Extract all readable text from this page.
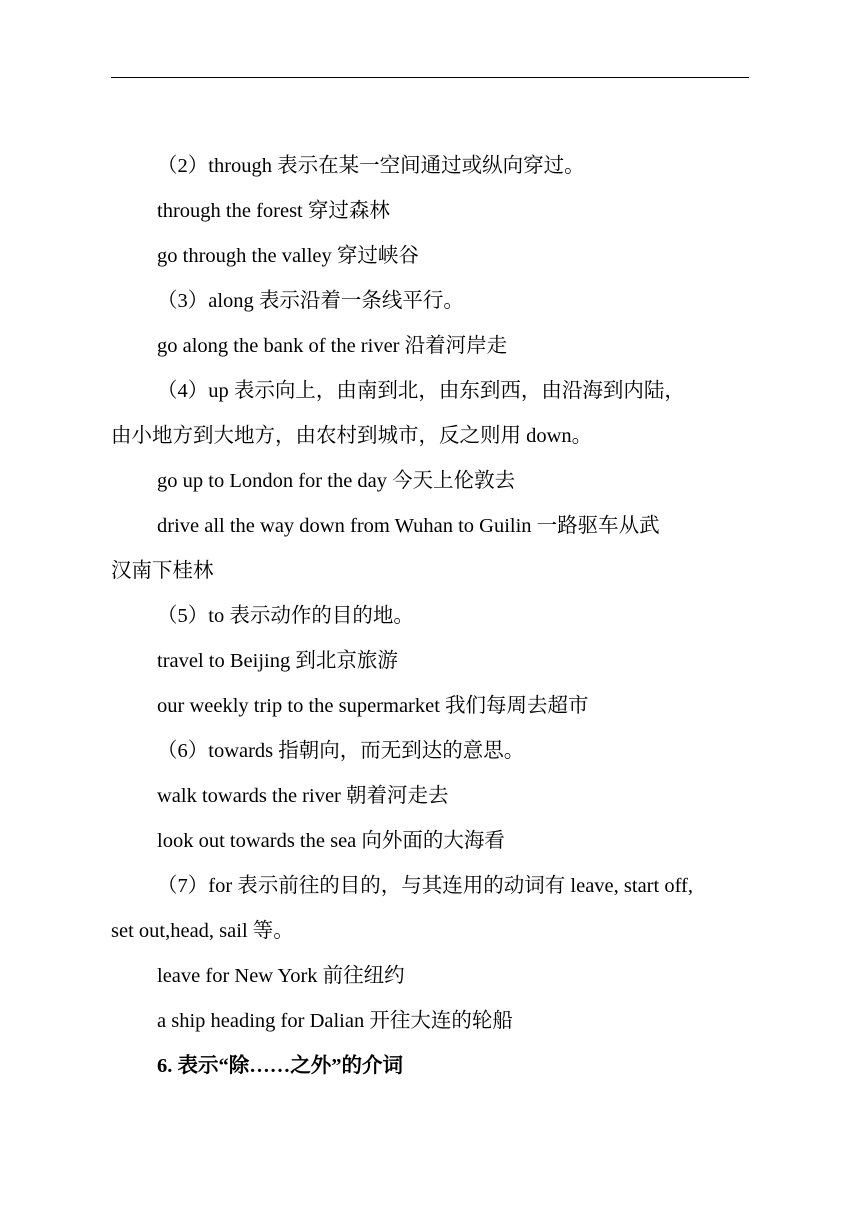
（2）through 表示在某一空间通过或纵向穿过。
through the forest 穿过森林
go through the valley 穿过峡谷
（3）along 表示沿着一条线平行。
go along the bank of the river 沿着河岸走
（4）up 表示向上，由南到北，由东到西，由沿海到内陆，
由小地方到大地方，由农村到城市，反之则用 down。
go up to London for the day 今天上伦敦去
drive all the way down from Wuhan to Guilin 一路驱车从武
汉南下桂林
（5）to 表示动作的目的地。
travel to Beijing 到北京旅游
our weekly trip to the supermarket 我们每周去超市
（6）towards 指朝向，而无到达的意思。
walk towards the river 朝着河走去
look out towards the sea 向外面的大海看
（7）for 表示前往的目的，与其连用的动词有 leave, start off,
set out,head, sail 等。
leave for New York 前往纽约
a ship heading for Dalian 开往大连的轮船
6. 表示“除……之外”的介词
